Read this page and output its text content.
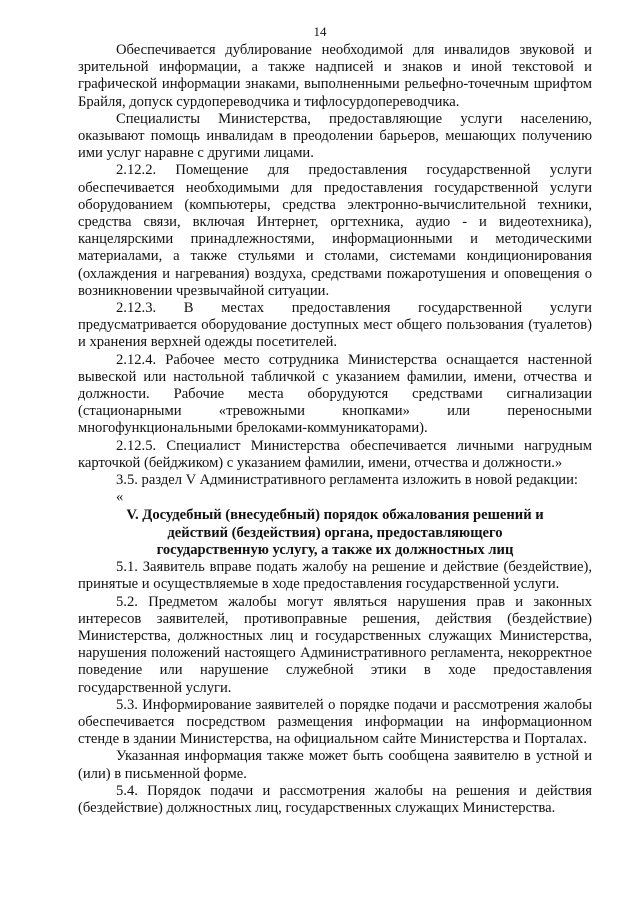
14

Обеспечивается дублирование необходимой для инвалидов звуковой и зрительной информации, а также надписей и знаков и иной текстовой и графической информации знаками, выполненными рельефно-точечным шрифтом Брайля, допуск сурдопереводчика и тифлосурдопереводчика.

Специалисты Министерства, предоставляющие услуги населению, оказывают помощь инвалидам в преодолении барьеров, мешающих получению ими услуг наравне с другими лицами.

2.12.2. Помещение для предоставления государственной услуги обеспечивается необходимыми для предоставления государственной услуги оборудованием (компьютеры, средства электронно-вычислительной техники, средства связи, включая Интернет, оргтехника, аудио - и видеотехника), канцелярскими принадлежностями, информационными и методическими материалами, а также стульями и столами, системами кондиционирования (охлаждения и нагревания) воздуха, средствами пожаротушения и оповещения о возникновении чрезвычайной ситуации.

2.12.3. В местах предоставления государственной услуги предусматривается оборудование доступных мест общего пользования (туалетов) и хранения верхней одежды посетителей.

2.12.4. Рабочее место сотрудника Министерства оснащается настенной вывеской или настольной табличкой с указанием фамилии, имени, отчества и должности. Рабочие места оборудуются средствами сигнализации (стационарными «тревожными кнопками» или переносными многофункциональными брелоками-коммуникаторами).

2.12.5. Специалист Министерства обеспечивается личными нагрудным карточкой (бейджиком) с указанием фамилии, имени, отчества и должности.»

3.5. раздел V Административного регламента изложить в новой редакции:

«

V. Досудебный (внесудебный) порядок обжалования решений и

действий (бездействия) органа, предоставляющего

государственную услугу, а также их должностных лиц

5.1. Заявитель вправе подать жалобу на решение и действие (бездействие), принятые и осуществляемые в ходе предоставления государственной услуги.

5.2. Предметом жалобы могут являться нарушения прав и законных интересов заявителей, противоправные решения, действия (бездействие) Министерства, должностных лиц и государственных служащих Министерства, нарушения положений настоящего Административного регламента, некорректное поведение или нарушение служебной этики в ходе предоставления государственной услуги.

5.3. Информирование заявителей о порядке подачи и рассмотрения жалобы обеспечивается посредством размещения информации на информационном стенде в здании Министерства, на официальном сайте Министерства и Порталах.

Указанная информация также может быть сообщена заявителю в устной и (или) в письменной форме.

5.4. Порядок подачи и рассмотрения жалобы на решения и действия (бездействие) должностных лиц, государственных служащих Министерства.
